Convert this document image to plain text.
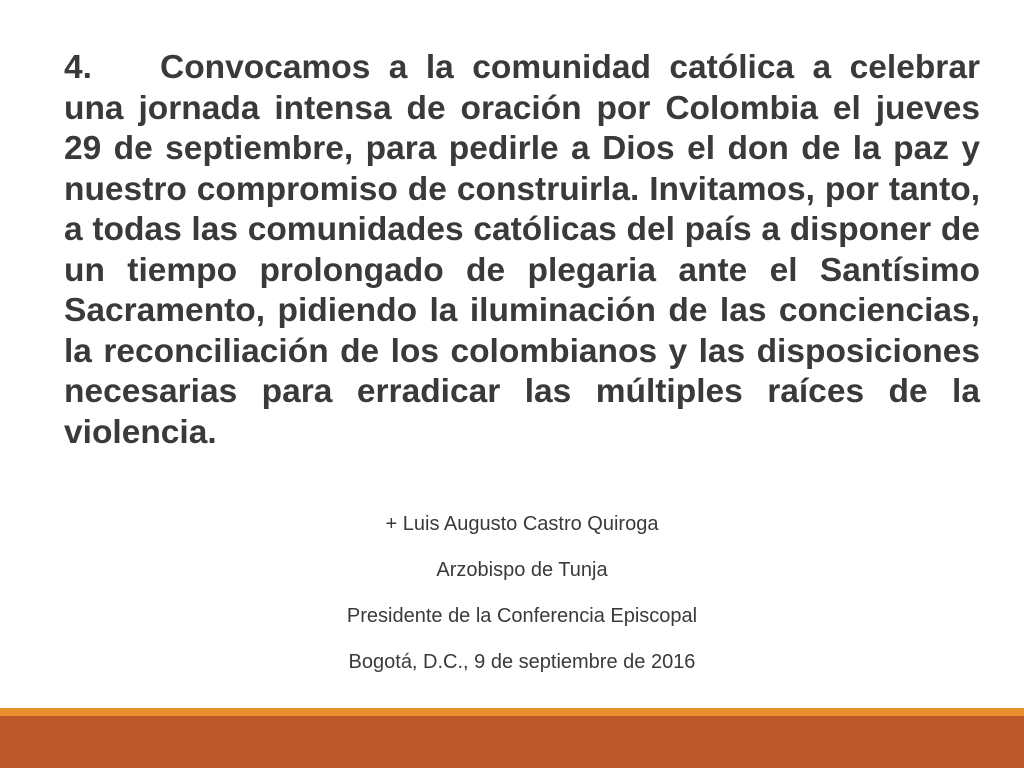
4. Convocamos a la comunidad católica a celebrar una jornada intensa de oración por Colombia el jueves 29 de septiembre, para pedirle a Dios el don de la paz y nuestro compromiso de construirla. Invitamos, por tanto, a todas las comunidades católicas del país a disponer de un tiempo prolongado de plegaria ante el Santísimo Sacramento, pidiendo la iluminación de las conciencias, la reconciliación de los colombianos y las disposiciones necesarias para erradicar las múltiples raíces de la violencia.

+ Luis Augusto Castro Quiroga
Arzobispo de Tunja
Presidente de la Conferencia Episcopal
Bogotá, D.C., 9 de septiembre de 2016
